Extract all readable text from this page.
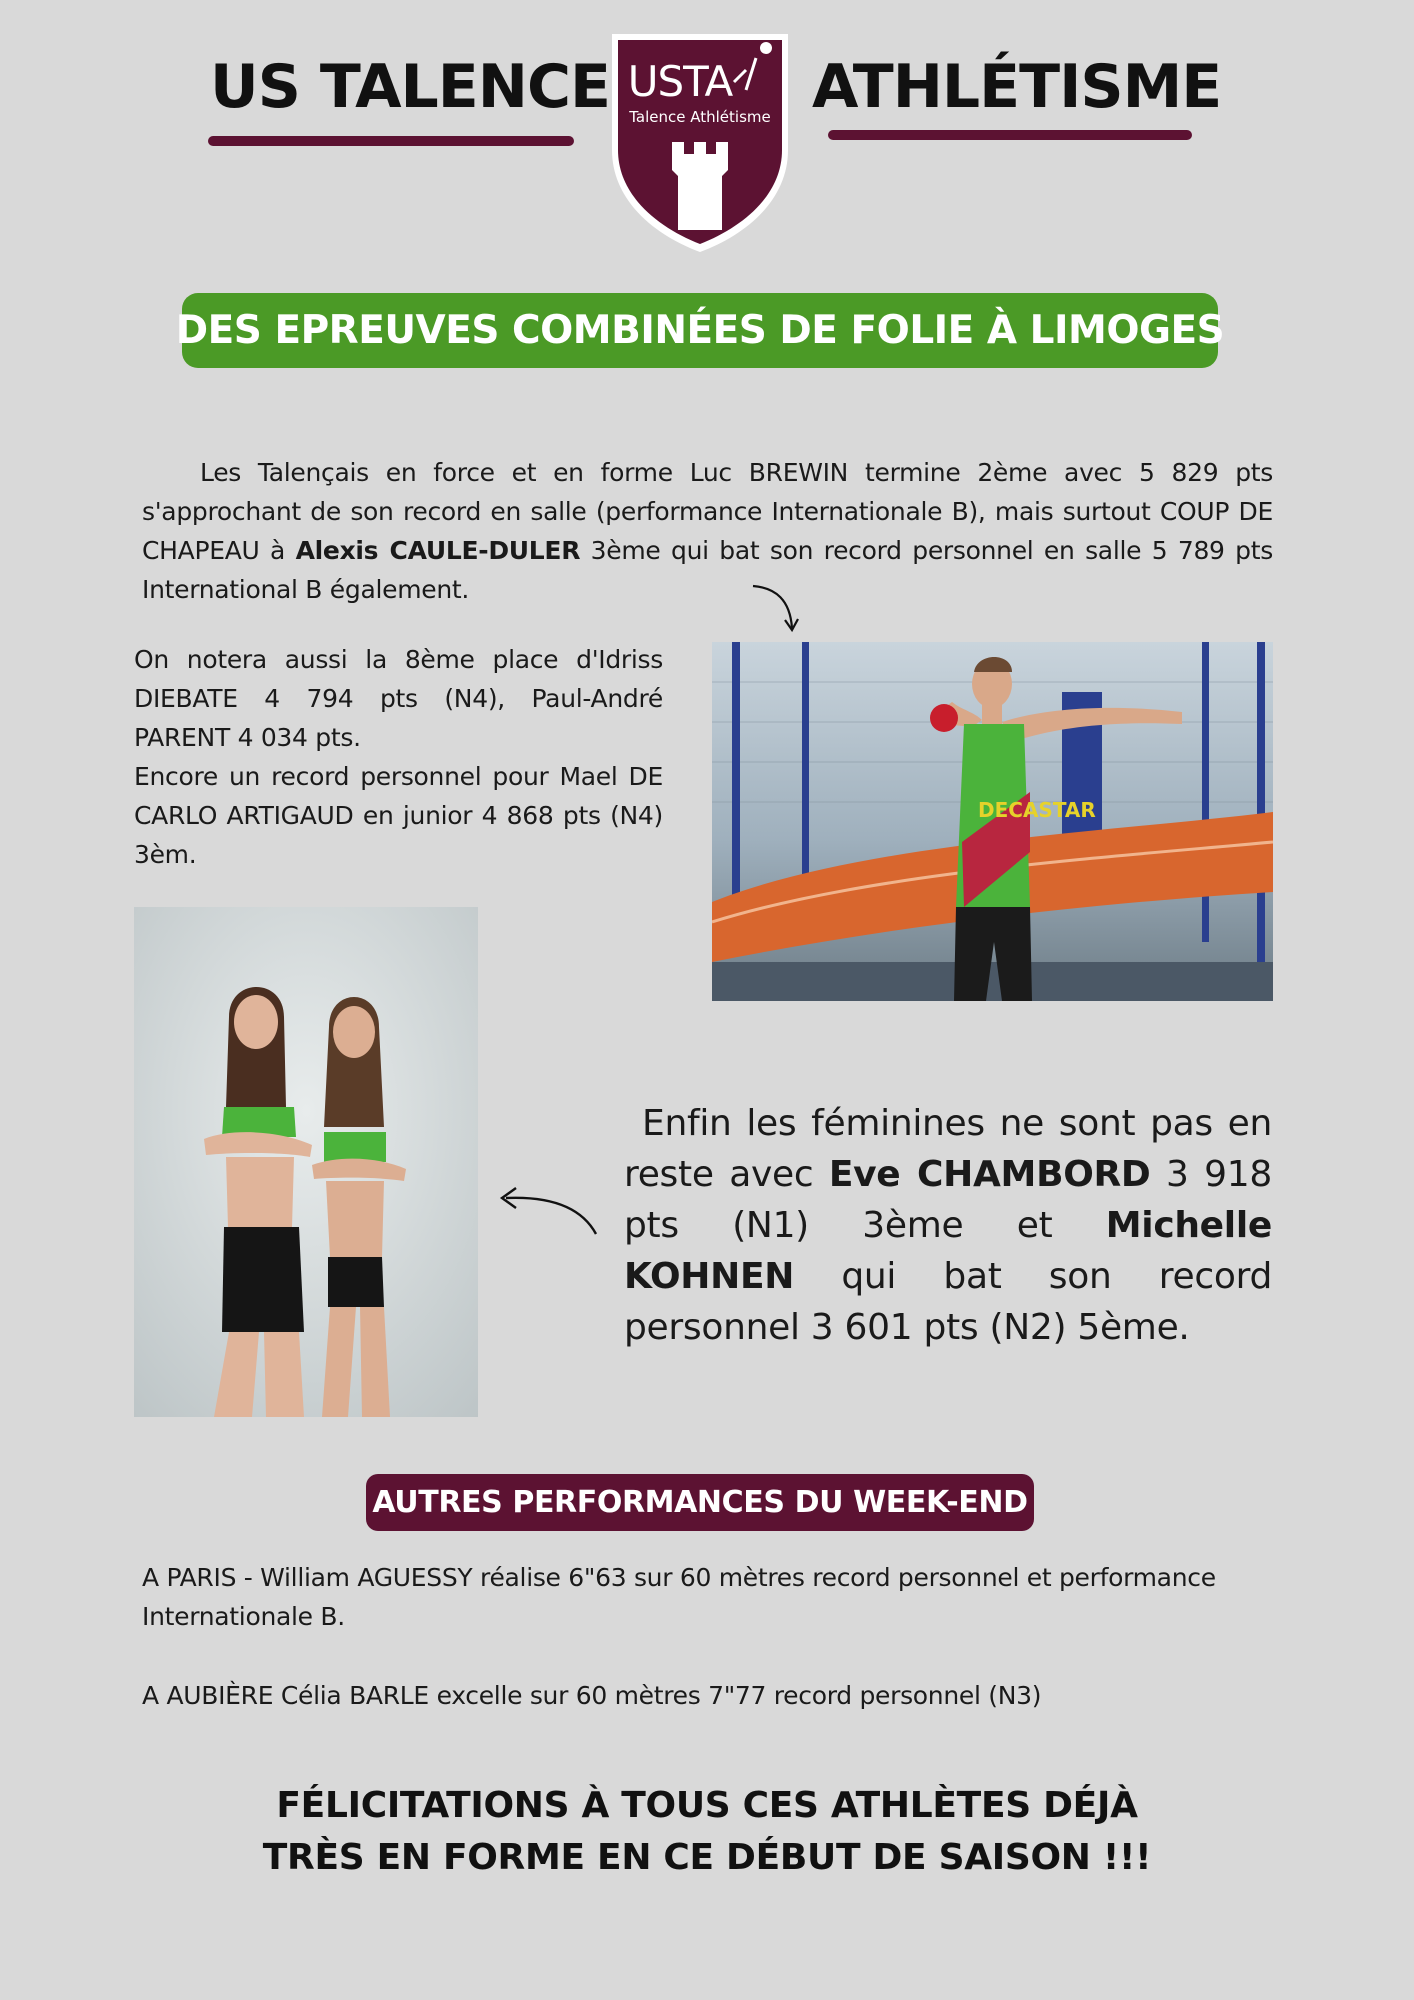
US TALENCE	ATHLÉTISME
USTA
Talence Athlétisme
DES EPREUVES COMBINÉES DE FOLIE À LIMOGES
Les Talençais en force et en forme Luc BREWIN termine 2ème avec 5 829 pts s'approchant de son record en salle (performance Internationale B), mais surtout COUP DE CHAPEAU à Alexis CAULE-DULER 3ème qui bat son record personnel en salle 5 789 pts International B également.
On notera aussi la 8ème place d'Idriss DIEBATE 4 794 pts (N4), Paul-André PARENT 4 034 pts.
Encore un record personnel pour Mael DE CARLO ARTIGAUD en junior 4 868 pts (N4) 3èm.
DECASTAR
Enfin les féminines ne sont pas en reste avec Eve CHAMBORD 3 918 pts (N1) 3ème et Michelle KOHNEN qui bat son record personnel 3 601 pts (N2) 5ème.
AUTRES PERFORMANCES DU WEEK-END
A PARIS - William AGUESSY réalise 6"63 sur 60 mètres record personnel et performance Internationale B.
A AUBIÈRE Célia BARLE excelle sur 60 mètres 7"77 record personnel (N3)
FÉLICITATIONS À TOUS CES ATHLÈTES DÉJÀ
TRÈS EN FORME EN CE DÉBUT DE SAISON !!!
